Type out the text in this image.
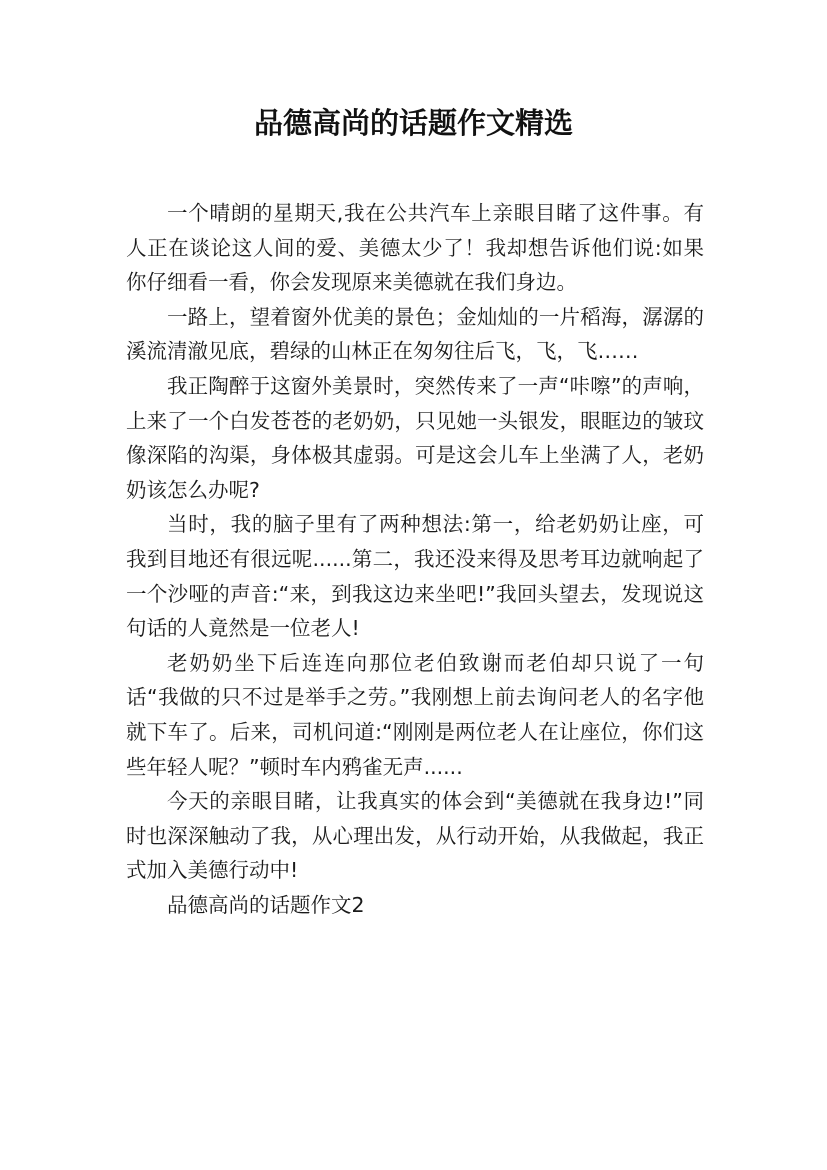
品德高尚的话题作文精选

一个晴朗的星期天,我在公共汽车上亲眼目睹了这件事。有人正在谈论这人间的爱、美德太少了！我却想告诉他们说:如果你仔细看一看，你会发现原来美德就在我们身边。

一路上，望着窗外优美的景色；金灿灿的一片稻海，潺潺的溪流清澈见底，碧绿的山林正在匆匆往后飞，飞，飞……

我正陶醉于这窗外美景时，突然传来了一声“咔嚓”的声响，上来了一个白发苍苍的老奶奶，只见她一头银发，眼眶边的皱玟像深陷的沟渠，身体极其虚弱。可是这会儿车上坐满了人，老奶奶该怎么办呢?

当时，我的脑子里有了两种想法:第一，给老奶奶让座，可我到目地还有很远呢......第二，我还没来得及思考耳边就响起了一个沙哑的声音:“来，到我这边来坐吧!”我回头望去，发现说这句话的人竟然是一位老人!

老奶奶坐下后连连向那位老伯致谢而老伯却只说了一句话“我做的只不过是举手之劳。”我刚想上前去询问老人的名字他就下车了。后来，司机问道:“刚刚是两位老人在让座位，你们这些年轻人呢？”顿时车内鸦雀无声......

今天的亲眼目睹，让我真实的体会到“美德就在我身边!”同时也深深触动了我，从心理出发，从行动开始，从我做起，我正式加入美德行动中!

品德高尚的话题作文2
